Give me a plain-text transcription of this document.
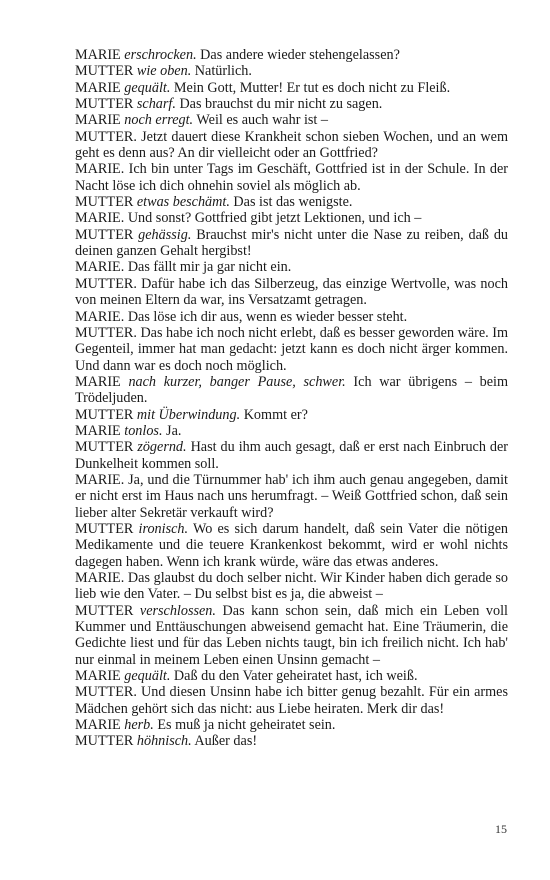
MARIE erschrocken. Das andere wieder stehengelassen?

MUTTER wie oben. Natürlich.

MARIE gequält. Mein Gott, Mutter! Er tut es doch nicht zu Fleiß.

MUTTER scharf. Das brauchst du mir nicht zu sagen.

MARIE noch erregt. Weil es auch wahr ist –

MUTTER. Jetzt dauert diese Krankheit schon sieben Wochen, und an wem geht es denn aus? An dir vielleicht oder an Gottfried?

MARIE. Ich bin unter Tags im Geschäft, Gottfried ist in der Schule. In der Nacht löse ich dich ohnehin soviel als möglich ab.

MUTTER etwas beschämt. Das ist das wenigste.

MARIE. Und sonst? Gottfried gibt jetzt Lektionen, und ich –

MUTTER gehässig. Brauchst mir's nicht unter die Nase zu reiben, daß du deinen ganzen Gehalt hergibst!

MARIE. Das fällt mir ja gar nicht ein.

MUTTER. Dafür habe ich das Silberzeug, das einzige Wertvolle, was noch von meinen Eltern da war, ins Versatzamt getragen.

MARIE. Das löse ich dir aus, wenn es wieder besser steht.

MUTTER. Das habe ich noch nicht erlebt, daß es besser geworden wäre. Im Gegenteil, immer hat man gedacht: jetzt kann es doch nicht ärger kommen. Und dann war es doch noch möglich.

MARIE nach kurzer, banger Pause, schwer. Ich war übrigens – beim Trödeljuden.

MUTTER mit Überwindung. Kommt er?

MARIE tonlos. Ja.

MUTTER zögernd. Hast du ihm auch gesagt, daß er erst nach Einbruch der Dunkelheit kommen soll.

MARIE. Ja, und die Türnummer hab' ich ihm auch genau angegeben, damit er nicht erst im Haus nach uns herumfragt. – Weiß Gottfried schon, daß sein lieber alter Sekretär verkauft wird?

MUTTER ironisch. Wo es sich darum handelt, daß sein Vater die nötigen Medikamente und die teuere Krankenkost bekommt, wird er wohl nichts dagegen haben. Wenn ich krank würde, wäre das etwas anderes.

MARIE. Das glaubst du doch selber nicht. Wir Kinder haben dich gerade so lieb wie den Vater. – Du selbst bist es ja, die abweist –

MUTTER verschlossen. Das kann schon sein, daß mich ein Leben voll Kummer und Enttäuschungen abweisend gemacht hat. Eine Träumerin, die Gedichte liest und für das Leben nichts taugt, bin ich freilich nicht. Ich hab' nur einmal in meinem Leben einen Unsinn gemacht –

MARIE gequält. Daß du den Vater geheiratet hast, ich weiß.

MUTTER. Und diesen Unsinn habe ich bitter genug bezahlt. Für ein armes Mädchen gehört sich das nicht: aus Liebe heiraten. Merk dir das!

MARIE herb. Es muß ja nicht geheiratet sein.

MUTTER höhnisch. Außer das!

15
